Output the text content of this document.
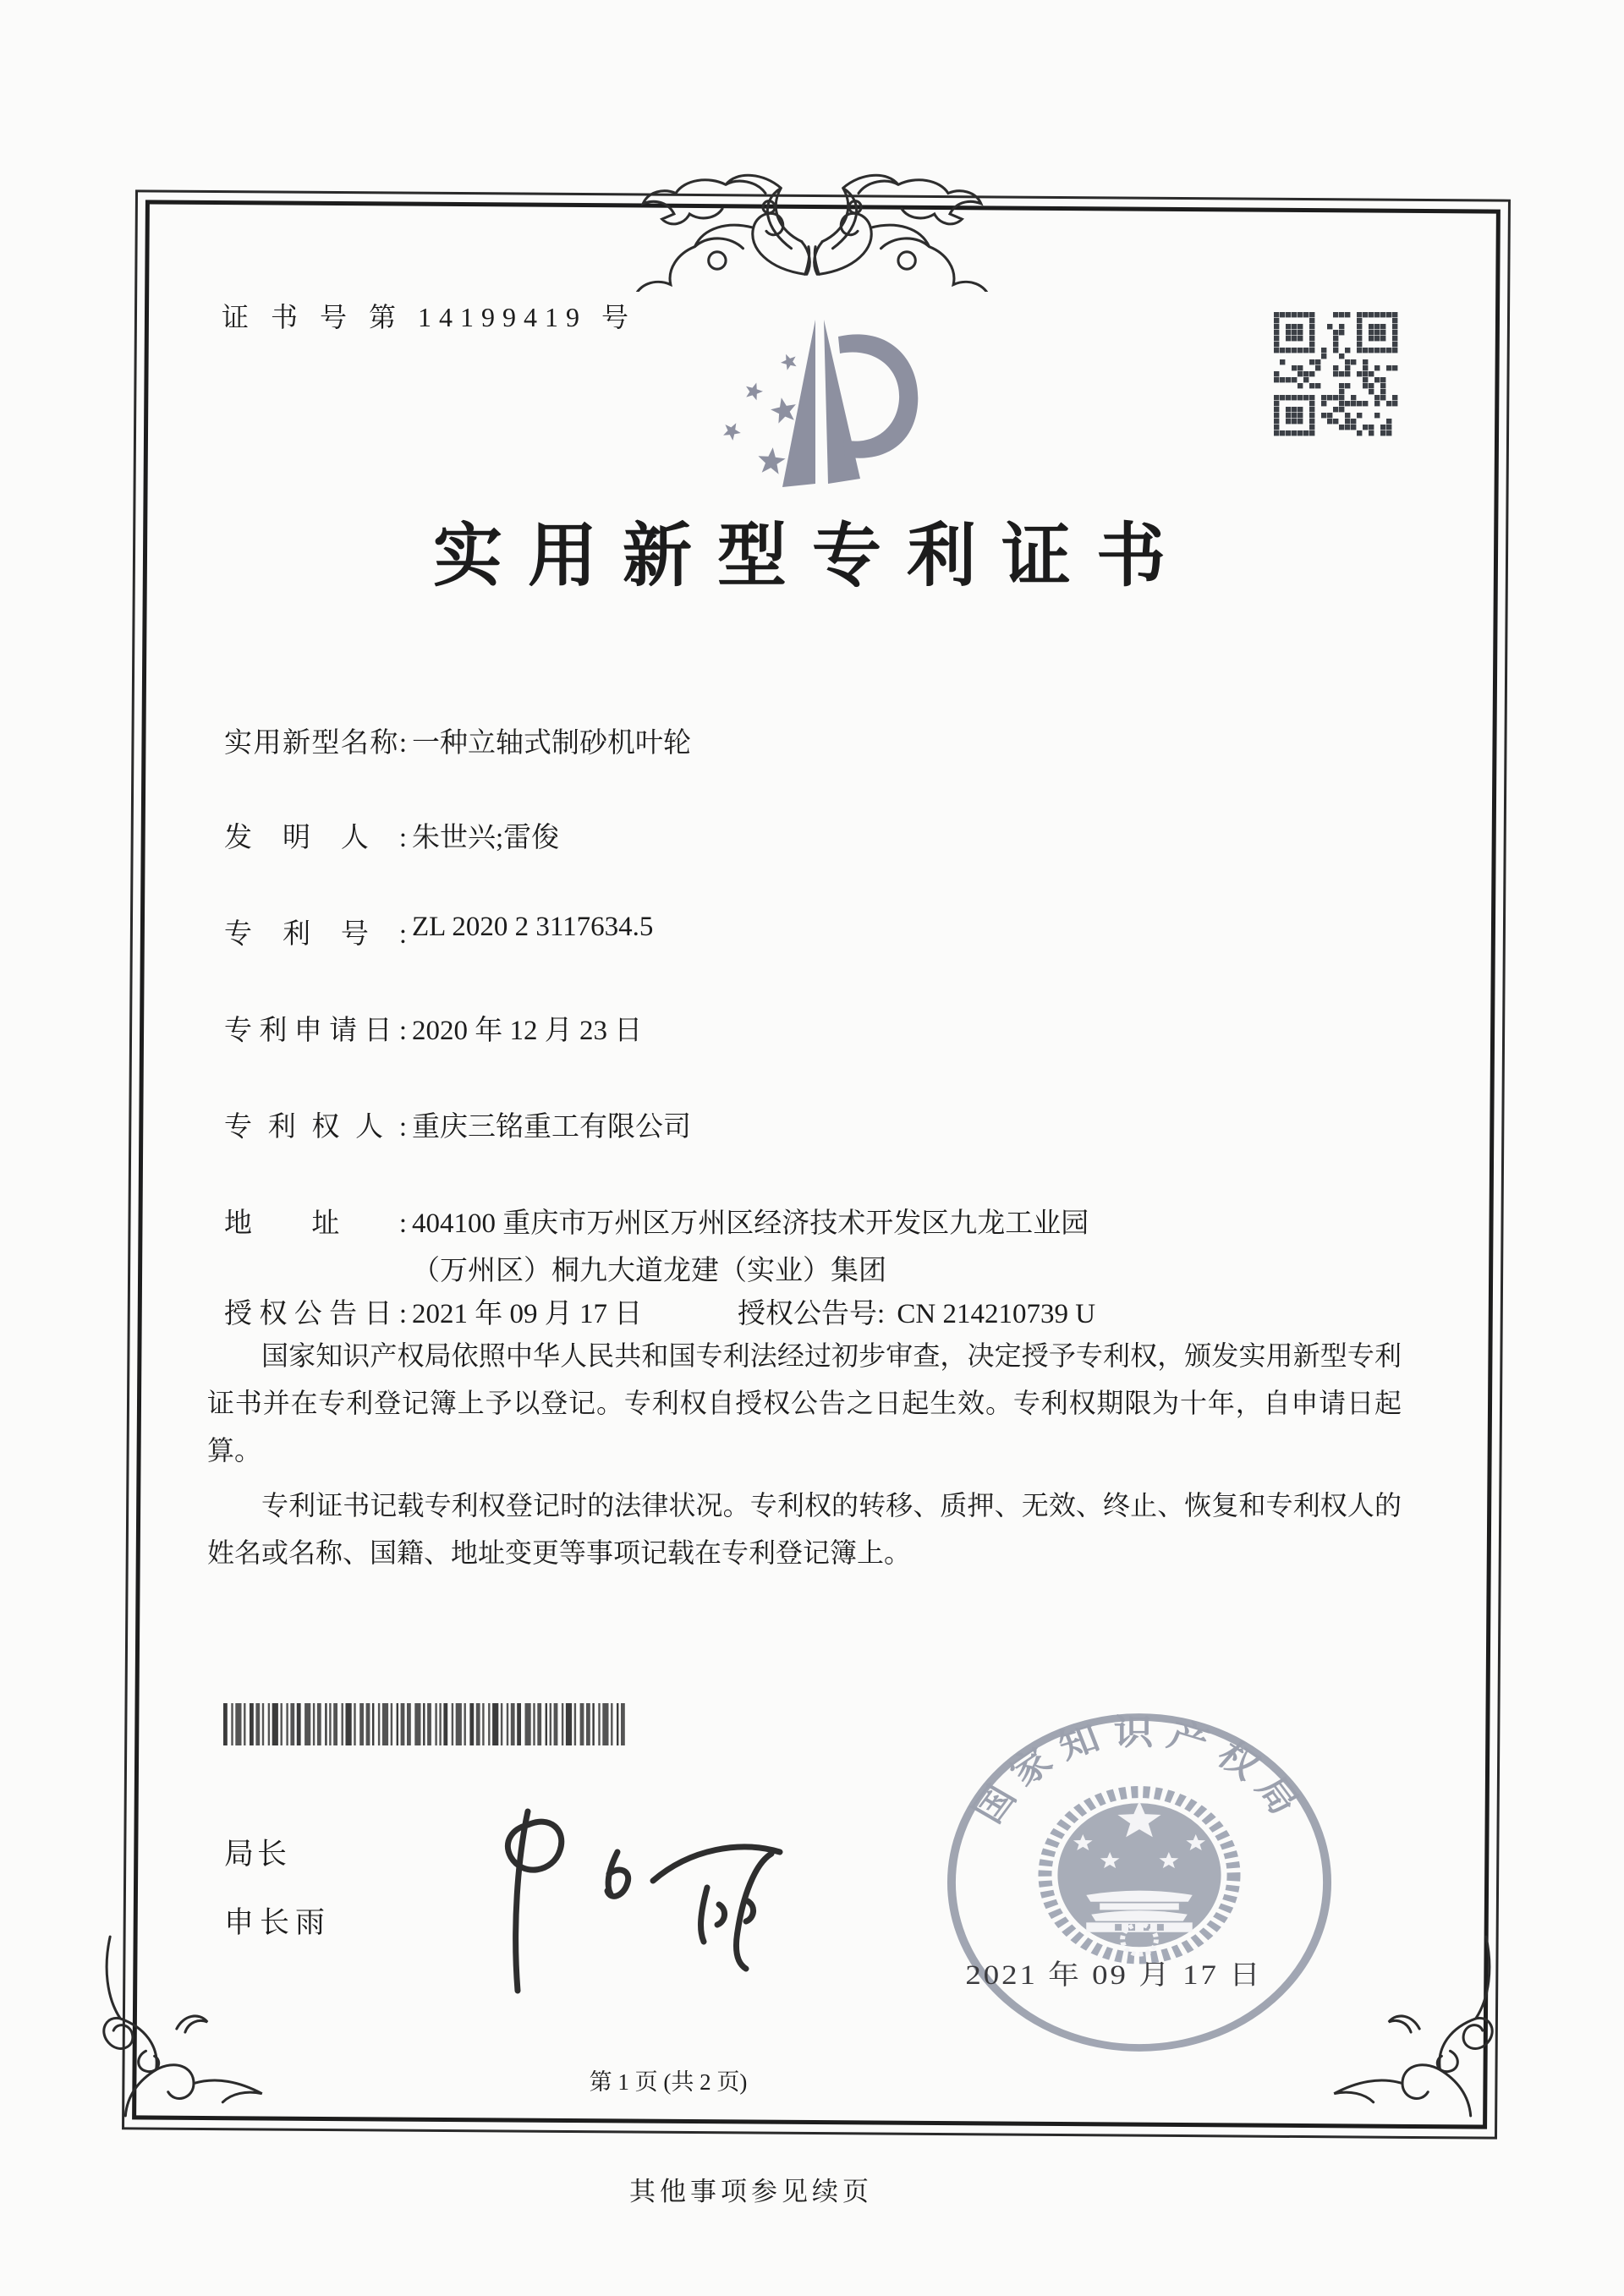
证 书 号 第 14199419 号
实用新型专利证书
实用新型名称: 一种立轴式制砂机叶轮
发明人: 朱世兴;雷俊
专利号: ZL 2020 2 3117634.5
专利申请日: 2020 年 12 月 23 日
专利权人: 重庆三铭重工有限公司
地址: 404100 重庆市万州区万州区经济技术开发区九龙工业园
（万州区）桐九大道龙建（实业）集团
授权公告日: 2021 年 09 月 17 日	授权公告号: CN 214210739 U

国家知识产权局依照中华人民共和国专利法经过初步审查，决定授予专利权，颁发实用新型专利证书并在专利登记簿上予以登记。专利权自授权公告之日起生效。专利权期限为十年，自申请日起算。

专利证书记载专利权登记时的法律状况。专利权的转移、质押、无效、终止、恢复和专利权人的姓名或名称、国籍、地址变更等事项记载在专利登记簿上。

局长
申长雨
国家知识产权局
2021 年 09 月 17 日
第 1 页 (共 2 页)
其他事项参见续页
